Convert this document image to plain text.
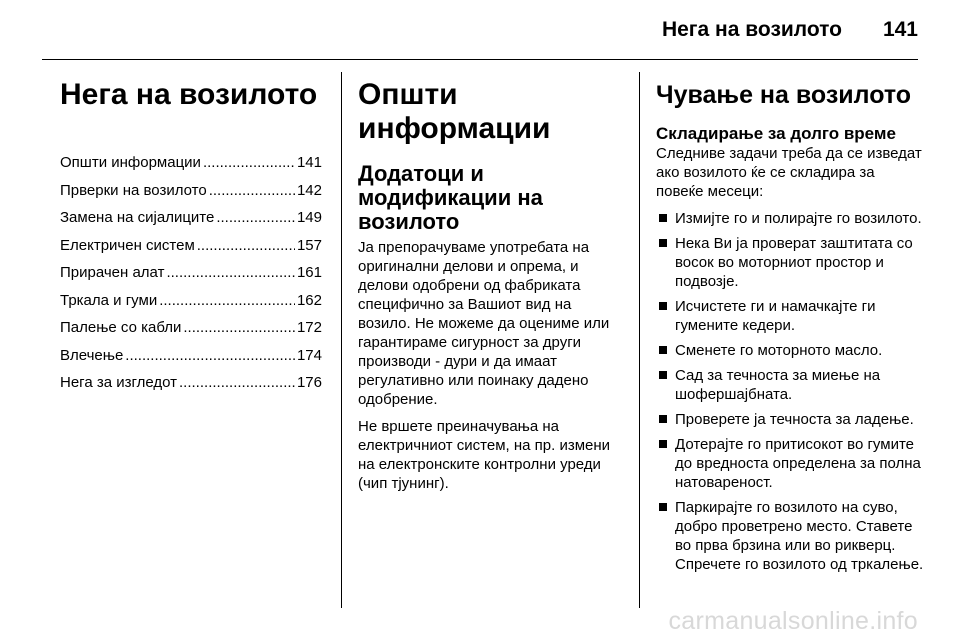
Нега на возилото 141
Нега на возилото
Општи информации .....	141
Прверки на возилото .....	142
Замена на сијалиците .....	149
Електричен систем .....	157
Прирачен алат .....	161
Тркала и гуми .....	162
Палење со кабли .....	172
Влечење .....	174
Нега за изгледот .....	176
Општи информации
Додатоци и модификации на возилото

Ја препорачуваме употребата на оригинални делови и опрема, и делови одобрени од фабриката специфично за Вашиот вид на возило. Не можеме да оцениме или гарантираме сигурност за други производи - дури и да имаат регулативно или поинаку дадено одобрение.

Не вршете преиначувања на електричниот систем, на пр. измени на електронските контролни уреди (чип тјунинг).

Чување на возилото
Складирање за долго време

Следниве задачи треба да се изведат ако возилото ќе се складира за повеќе месеци:

Измијте го и полирајте го возилото.
Нека Ви ја проверат заштитата со восок во моторниот простор и подвозје.
Исчистете ги и намачкајте ги гумените кедери.
Сменете го моторното масло.
Сад за течноста за миење на шофершајбната.
Проверете ја течноста за ладење.
Дотерајте го притисокот во гумите до вредноста определена за полна натовареност.
Паркирајте го возилото на суво, добро проветрено место. Ставете во прва брзина или во рикверц. Спречете го возилото од тркалење.
carmanualsonline.info
